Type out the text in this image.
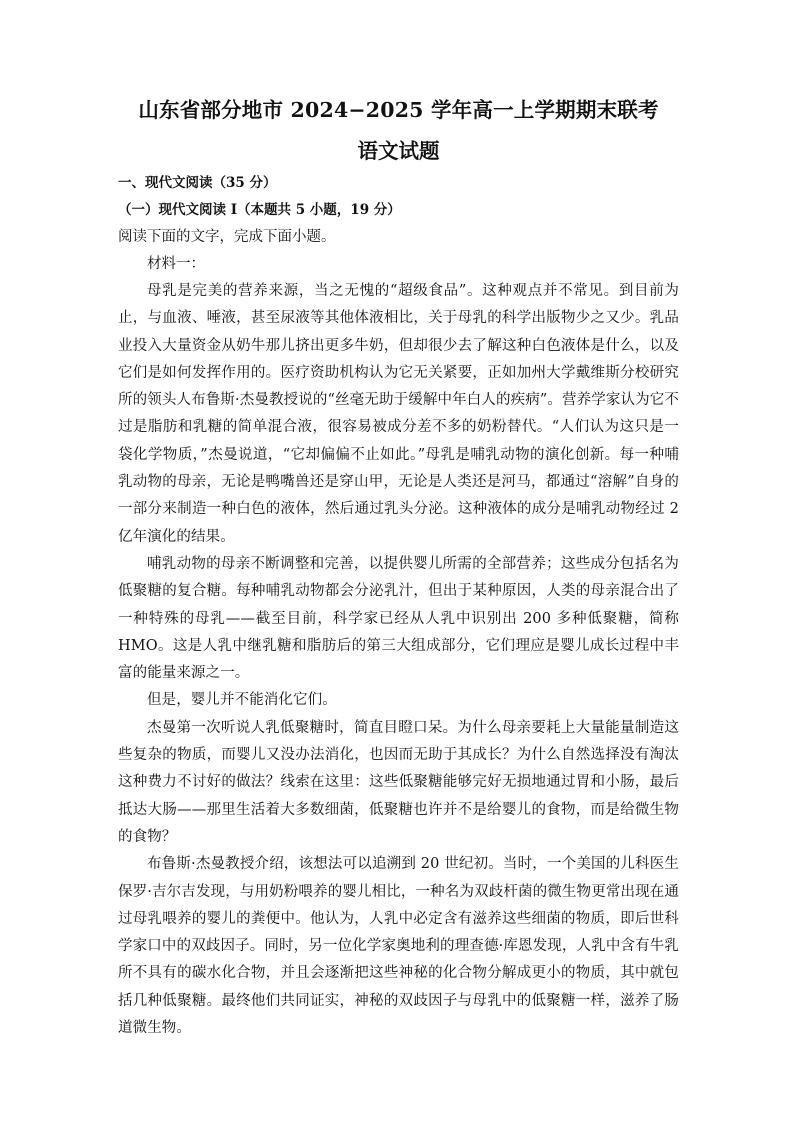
山东省部分地市 2024−2025 学年高一上学期期末联考
语文试题

一、现代文阅读（35 分）

（一）现代文阅读 I（本题共 5 小题，19 分）

阅读下面的文字，完成下面小题。

材料一：

母乳是完美的营养来源，当之无愧的“超级食品”。这种观点并不常见。到目前为止，与血液、唾液，甚至尿液等其他体液相比，关于母乳的科学出版物少之又少。乳品业投入大量资金从奶牛那儿挤出更多牛奶，但却很少去了解这种白色液体是什么，以及它们是如何发挥作用的。医疗资助机构认为它无关紧要，正如加州大学戴维斯分校研究所的领头人布鲁斯·杰曼教授说的“丝毫无助于缓解中年白人的疾病”。营养学家认为它不过是脂肪和乳糖的简单混合液，很容易被成分差不多的奶粉替代。“人们认为这只是一袋化学物质，”杰曼说道，“它却偏偏不止如此。”母乳是哺乳动物的演化创新。每一种哺乳动物的母亲，无论是鸭嘴兽还是穿山甲，无论是人类还是河马，都通过“溶解”自身的一部分来制造一种白色的液体，然后通过乳头分泌。这种液体的成分是哺乳动物经过 2 亿年演化的结果。

哺乳动物的母亲不断调整和完善，以提供婴儿所需的全部营养；这些成分包括名为低聚糖的复合糖。每种哺乳动物都会分泌乳汁，但出于某种原因，人类的母亲混合出了一种特殊的母乳——截至目前，科学家已经从人乳中识别出 200 多种低聚糖，简称 HMO。这是人乳中继乳糖和脂肪后的第三大组成部分，它们理应是婴儿成长过程中丰富的能量来源之一。

但是，婴儿并不能消化它们。

杰曼第一次听说人乳低聚糖时，简直目瞪口呆。为什么母亲要耗上大量能量制造这些复杂的物质，而婴儿又没办法消化，也因而无助于其成长？为什么自然选择没有淘汰这种费力不讨好的做法？线索在这里：这些低聚糖能够完好无损地通过胃和小肠，最后抵达大肠——那里生活着大多数细菌，低聚糖也许并不是给婴儿的食物，而是给微生物的食物？

布鲁斯·杰曼教授介绍，该想法可以追溯到 20 世纪初。当时，一个美国的儿科医生保罗·吉尔吉发现，与用奶粉喂养的婴儿相比，一种名为双歧杆菌的微生物更常出现在通过母乳喂养的婴儿的粪便中。他认为，人乳中必定含有滋养这些细菌的物质，即后世科学家口中的双歧因子。同时，另一位化学家奥地利的理查德·库恩发现，人乳中含有牛乳所不具有的碳水化合物，并且会逐渐把这些神秘的化合物分解成更小的物质，其中就包括几种低聚糖。最终他们共同证实，神秘的双歧因子与母乳中的低聚糖一样，滋养了肠道微生物。
